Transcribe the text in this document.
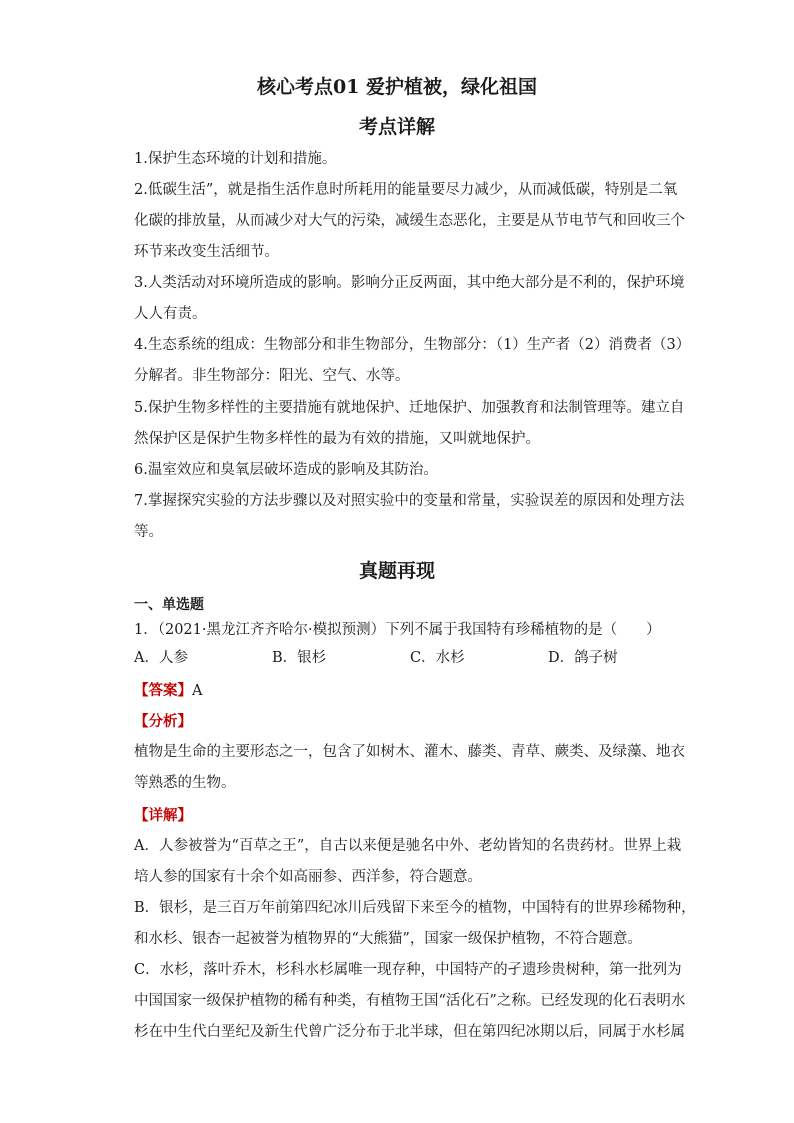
核心考点01 爱护植被，绿化祖国
考点详解
1.保护生态环境的计划和措施。
2.低碳生活”，就是指生活作息时所耗用的能量要尽力减少，从而减低碳，特别是二氧
化碳的排放量，从而减少对大气的污染，减缓生态恶化，主要是从节电节气和回收三个
环节来改变生活细节。
3.人类活动对环境所造成的影响。影响分正反两面，其中绝大部分是不利的，保护环境
人人有责。
4.生态系统的组成：生物部分和非生物部分，生物部分：（1）生产者（2）消费者（3）
分解者。非生物部分：阳光、空气、水等。
5.保护生物多样性的主要措施有就地保护、迁地保护、加强教育和法制管理等。建立自
然保护区是保护生物多样性的最为有效的措施，又叫就地保护。
6.温室效应和臭氧层破坏造成的影响及其防治。
7.掌握探究实验的方法步骤以及对照实验中的变量和常量，实验误差的原因和处理方法
等。
真题再现
一、单选题
1．（2021·黑龙江齐齐哈尔·模拟预测）下列不属于我国特有珍稀植物的是（　　）
A．人参	B．银杉	C．水杉	D．鸽子树
【答案】A
【分析】
植物是生命的主要形态之一，包含了如树木、灌木、藤类、青草、蕨类、及绿藻、地衣
等熟悉的生物。
【详解】
A．人参被誉为“百草之王”，自古以来便是驰名中外、老幼皆知的名贵药材。世界上栽
培人参的国家有十余个如高丽参、西洋参，符合题意。
B．银杉，是三百万年前第四纪冰川后残留下来至今的植物，中国特有的世界珍稀物种，
和水杉、银杏一起被誉为植物界的“大熊猫”，国家一级保护植物，不符合题意。
C．水杉，落叶乔木，杉科水杉属唯一现存种，中国特产的孑遗珍贵树种，第一批列为
中国国家一级保护植物的稀有种类，有植物王国“活化石”之称。已经发现的化石表明水
杉在中生代白垩纪及新生代曾广泛分布于北半球，但在第四纪冰期以后，同属于水杉属
